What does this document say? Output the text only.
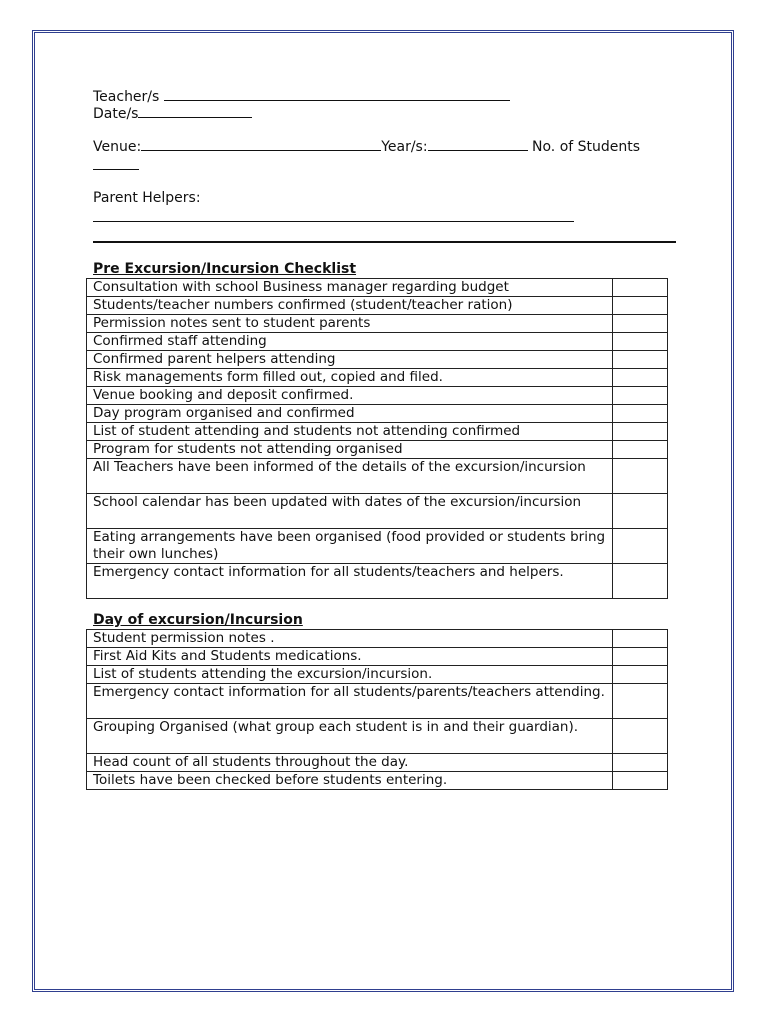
Teacher/s
Date/s
Venue:	Year/s:	No. of Students
Parent Helpers:
Pre Excursion/Incursion Checklist
Consultation with school Business manager regarding budget	
Students/teacher numbers confirmed (student/teacher ration)	
Permission notes sent to student parents	
Confirmed staff attending	
Confirmed parent helpers attending	
Risk managements form filled out, copied and filed.	
Venue booking and deposit confirmed.	
Day program organised and confirmed	
List of student attending and students not attending confirmed	
Program for students not attending organised	
All Teachers have been informed of the details of the excursion/incursion	
School calendar has been updated with dates of the excursion/incursion	
Eating arrangements have been organised (food provided or students bring their own lunches)	
Emergency contact information for all students/teachers and helpers.	
Day of excursion/Incursion
Student permission notes .	
First Aid Kits and Students medications.	
List of students attending the excursion/incursion.	
Emergency contact information for all students/parents/teachers attending.	
Grouping Organised (what group each student is in and their guardian).	
Head count of all students throughout the day.	
Toilets have been checked before students entering.	
